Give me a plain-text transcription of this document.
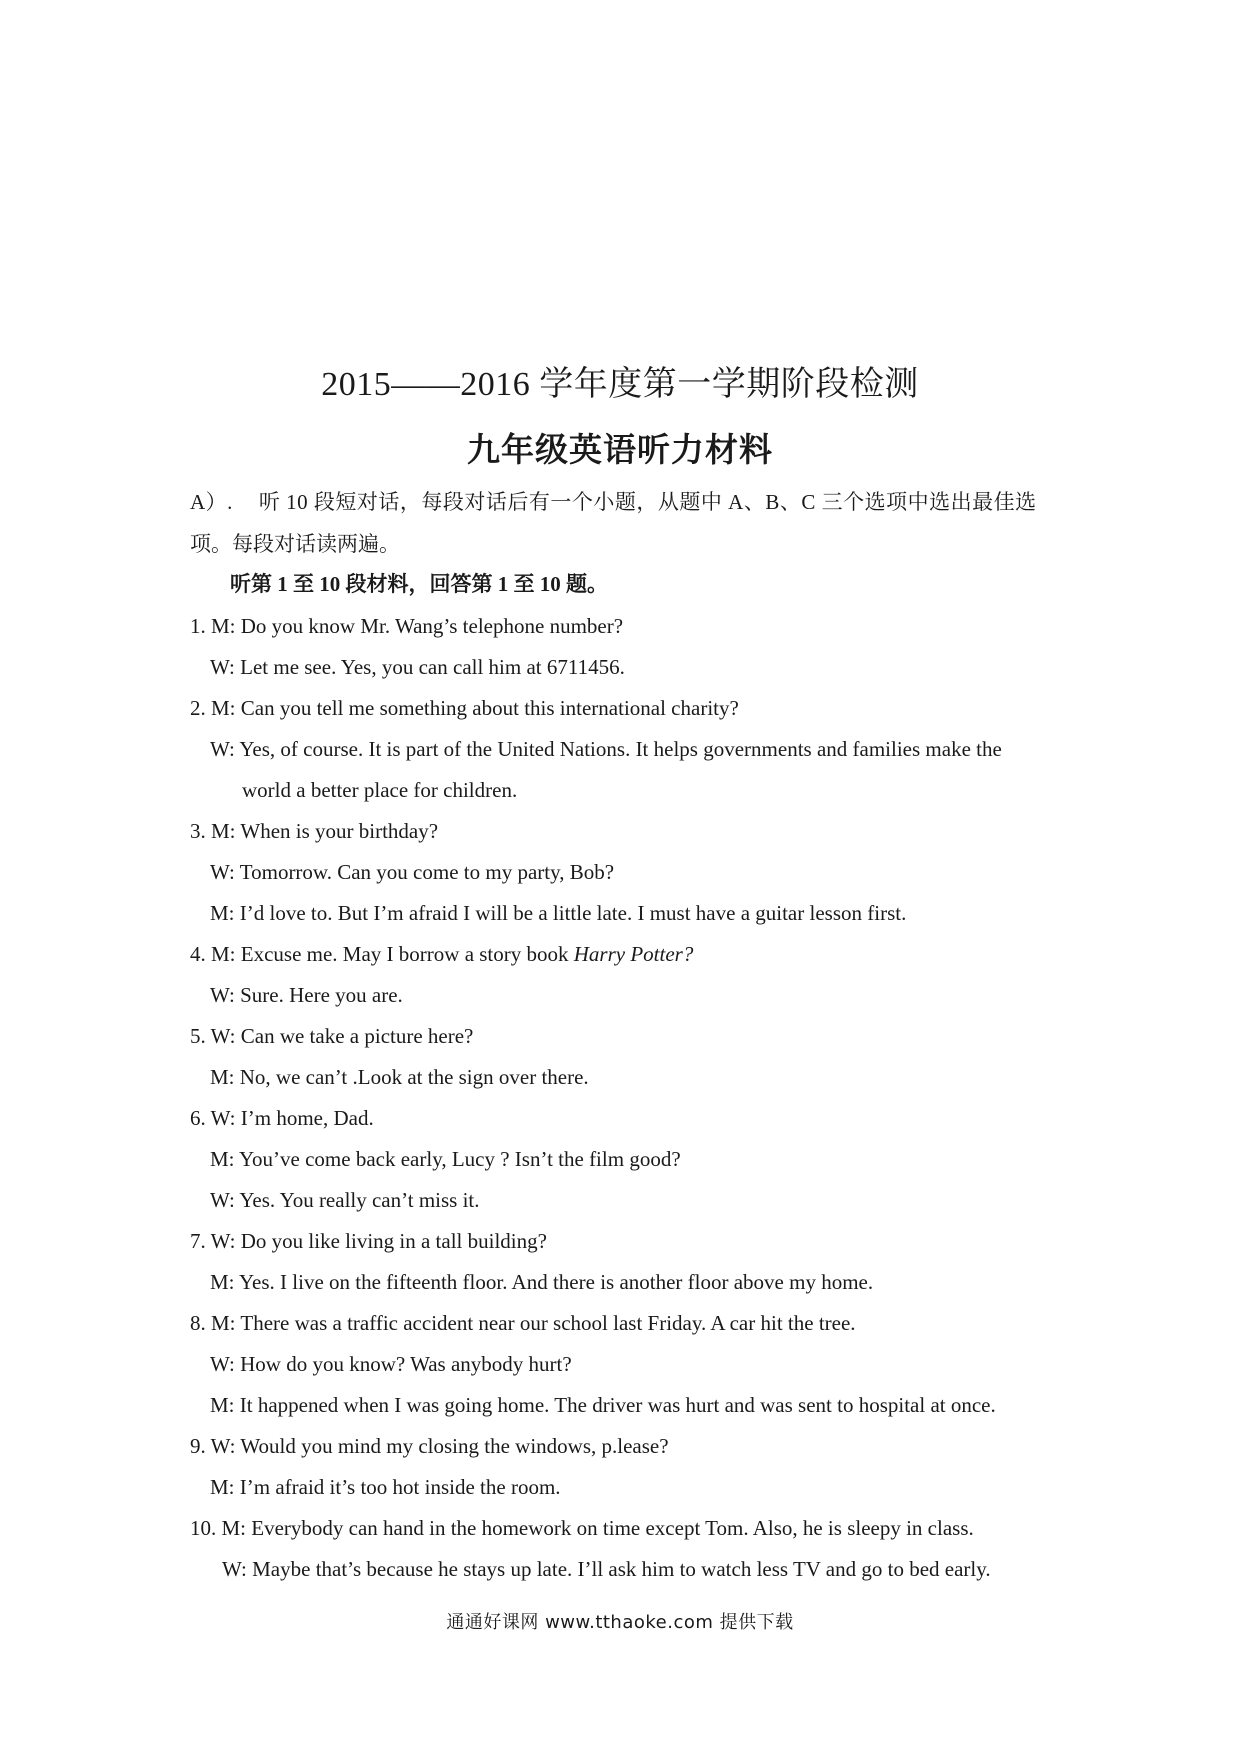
2015——2016 学年度第一学期阶段检测
九年级英语听力材料
A）. 听 10 段短对话，每段对话后有一个小题，从题中 A、B、C 三个选项中选出最佳选
项。每段对话读两遍。
听第 1 至 10 段材料，回答第 1 至 10 题。
1. M: Do you know Mr. Wang’s telephone number?
W: Let me see. Yes, you can call him at 6711456.
2. M: Can you tell me something about this international charity?
W: Yes, of course. It is part of the United Nations. It helps governments and families make the
world a better place for children.
3. M: When is your birthday?
W: Tomorrow. Can you come to my party, Bob?
M: I’d love to. But I’m afraid I will be a little late. I must have a guitar lesson first.
4. M: Excuse me. May I borrow a story book Harry Potter?
W: Sure. Here you are.
5. W: Can we take a picture here?
M: No, we can’t .Look at the sign over there.
6. W: I’m home, Dad.
M: You’ve come back early, Lucy ? Isn’t the film good?
W: Yes. You really can’t miss it.
7. W: Do you like living in a tall building?
M: Yes. I live on the fifteenth floor. And there is another floor above my home.
8. M: There was a traffic accident near our school last Friday. A car hit the tree.
W: How do you know? Was anybody hurt?
M: It happened when I was going home. The driver was hurt and was sent to hospital at once.
9. W: Would you mind my closing the windows, p.lease?
M: I’m afraid it’s too hot inside the room.
10. M: Everybody can hand in the homework on time except Tom. Also, he is sleepy in class.
W: Maybe that’s because he stays up late. I’ll ask him to watch less TV and go to bed early.
通通好课网 www.tthaoke.com 提供下载
